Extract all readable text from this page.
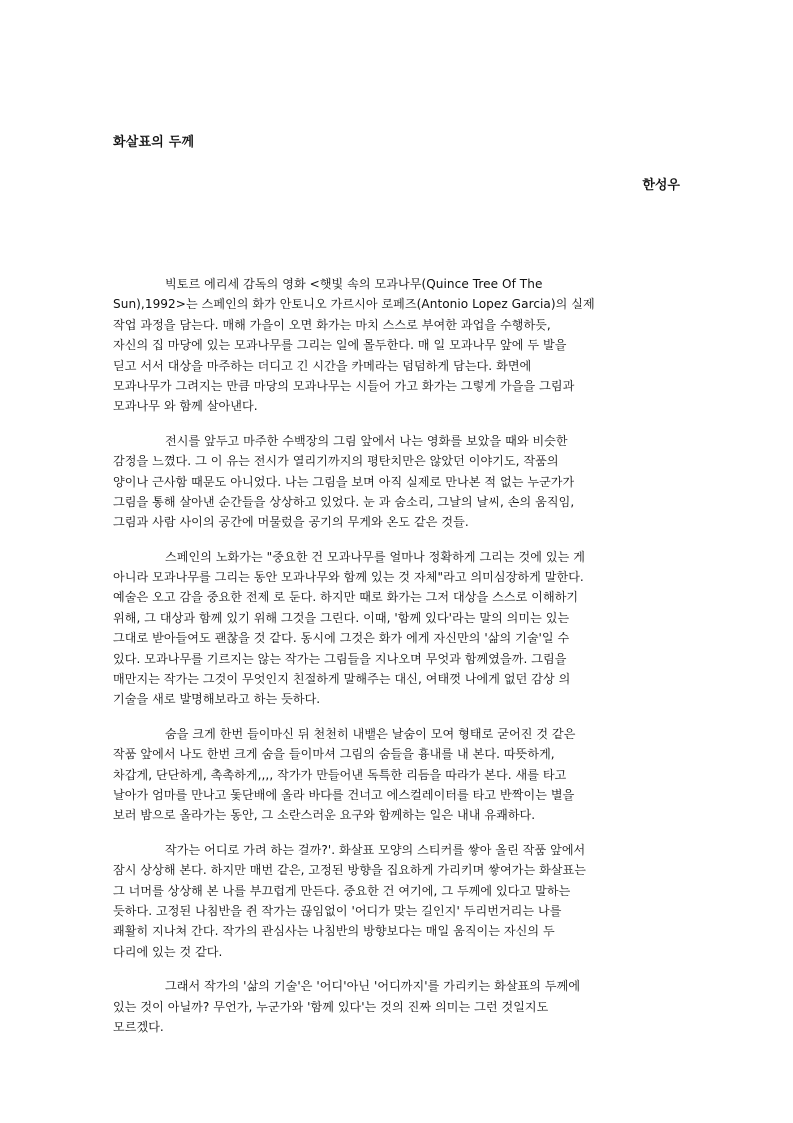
화살표의 두께
한성우
빅토르 에리세 감독의 영화 <햇빛 속의 모과나무(Quince Tree Of The
Sun),1992>는 스페인의 화가 안토니오 가르시아 로페즈(Antonio Lopez Garcia)의 실제
작업 과정을 담는다. 매해 가을이 오면 화가는 마치 스스로 부여한 과업을 수행하듯,
자신의 집 마당에 있는 모과나무를 그리는 일에 몰두한다. 매 일 모과나무 앞에 두 발을
딛고 서서 대상을 마주하는 더디고 긴 시간을 카메라는 덤덤하게 담는다. 화면에
모과나무가 그려지는 만큼 마당의 모과나무는 시들어 가고 화가는 그렇게 가을을 그림과
모과나무 와 함께 살아낸다.
전시를 앞두고 마주한 수백장의 그림 앞에서 나는 영화를 보았을 때와 비슷한
감정을 느꼈다. 그 이 유는 전시가 열리기까지의 평탄치만은 않았던 이야기도, 작품의
양이나 근사함 때문도 아니었다. 나는 그림을 보며 아직 실제로 만나본 적 없는 누군가가
그림을 통해 살아낸 순간들을 상상하고 있었다. 눈 과 숨소리, 그날의 날씨, 손의 움직임,
그림과 사람 사이의 공간에 머물렀을 공기의 무게와 온도 같은 것들.
스페인의 노화가는 "중요한 건 모과나무를 얼마나 정확하게 그리는 것에 있는 게
아니라 모과나무를 그리는 동안 모과나무와 함께 있는 것 자체"라고 의미심장하게 말한다.
예술은 오고 감을 중요한 전제 로 둔다. 하지만 때로 화가는 그저 대상을 스스로 이해하기
위해, 그 대상과 함께 있기 위해 그것을 그린다. 이때, '함께 있다'라는 말의 의미는 있는
그대로 받아들여도 괜찮을 것 같다. 동시에 그것은 화가 에게 자신만의 '삶의 기술'일 수
있다. 모과나무를 기르지는 않는 작가는 그림들을 지나오며 무엇과 함께였을까. 그림을
매만지는 작가는 그것이 무엇인지 친절하게 말해주는 대신, 여태껏 나에게 없던 감상 의
기술을 새로 발명해보라고 하는 듯하다.
숨을 크게 한번 들이마신 뒤 천천히 내뱉은 날숨이 모여 형태로 굳어진 것 같은
작품 앞에서 나도 한번 크게 숨을 들이마셔 그림의 숨들을 흉내를 내 본다. 따뜻하게,
차갑게, 단단하게, 촉촉하게,,,, 작가가 만들어낸 독특한 리듬을 따라가 본다. 새를 타고
날아가 엄마를 만나고 돛단배에 올라 바다를 건너고 에스컬레이터를 타고 반짝이는 별을
보러 밤으로 올라가는 동안, 그 소란스러운 요구와 함께하는 일은 내내 유쾌하다.
작가는 어디로 가려 하는 걸까?'. 화살표 모양의 스티커를 쌓아 올린 작품 앞에서
잠시 상상해 본다. 하지만 매번 같은, 고정된 방향을 집요하게 가리키며 쌓여가는 화살표는
그 너머를 상상해 본 나를 부끄럽게 만든다. 중요한 건 여기에, 그 두께에 있다고 말하는
듯하다. 고정된 나침반을 쥔 작가는 끊임없이 '어디가 맞는 길인지' 두리번거리는 나를
쾌활히 지나쳐 간다. 작가의 관심사는 나침반의 방향보다는 매일 움직이는 자신의 두
다리에 있는 것 같다.
그래서 작가의 '삶의 기술'은 '어디'아닌 '어디까지'를 가리키는 화살표의 두께에
있는 것이 아닐까? 무언가, 누군가와 '함께 있다'는 것의 진짜 의미는 그런 것일지도
모르겠다.
